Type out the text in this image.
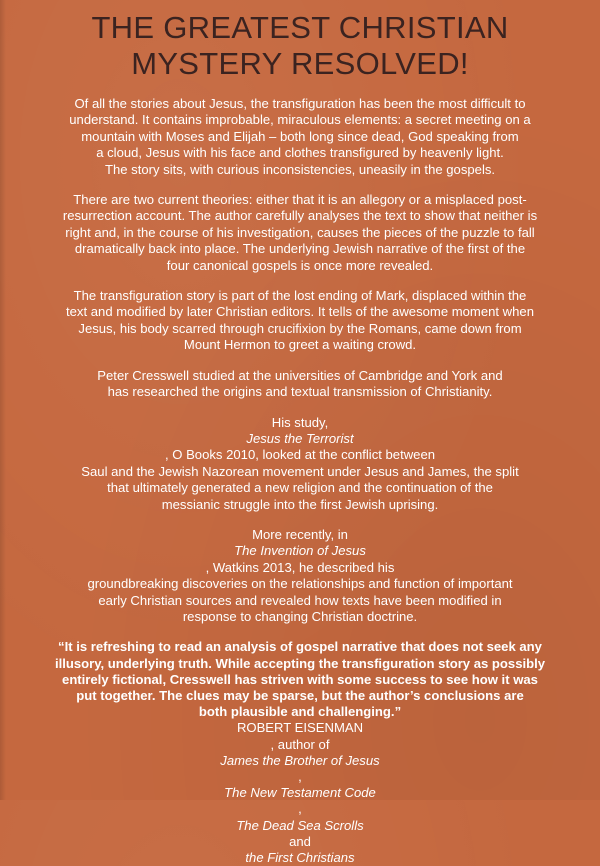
THE GREATEST CHRISTIAN
MYSTERY RESOLVED!

Of all the stories about Jesus, the transfiguration has been the most difficult to
understand. It contains improbable, miraculous elements: a secret meeting on a
mountain with Moses and Elijah – both long since dead, God speaking from
a cloud, Jesus with his face and clothes transfigured by heavenly light.
The story sits, with curious inconsistencies, uneasily in the gospels.

There are two current theories: either that it is an allegory or a misplaced post-
resurrection account. The author carefully analyses the text to show that neither is
right and, in the course of his investigation, causes the pieces of the puzzle to fall
dramatically back into place. The underlying Jewish narrative of the first of the
four canonical gospels is once more revealed.

The transfiguration story is part of the lost ending of Mark, displaced within the
text and modified by later Christian editors. It tells of the awesome moment when
Jesus, his body scarred through crucifixion by the Romans, came down from
Mount Hermon to greet a waiting crowd.

Peter Cresswell studied at the universities of Cambridge and York and
has researched the origins and textual transmission of Christianity.

His study,
Jesus the Terrorist
, O Books 2010, looked at the conflict between
Saul and the Jewish Nazorean movement under Jesus and James, the split
that ultimately generated a new religion and the continuation of the
messianic struggle into the first Jewish uprising.

More recently, in
The Invention of Jesus
, Watkins 2013, he described his
groundbreaking discoveries on the relationships and function of important
early Christian sources and revealed how texts have been modified in
response to changing Christian doctrine.

“It is refreshing to read an analysis of gospel narrative that does not seek any
illusory, underlying truth. While accepting the transfiguration story as possibly
entirely fictional, Cresswell has striven with some success to see how it was
put together. The clues may be sparse, but the author’s conclusions are
both plausible and challenging.”

ROBERT EISENMAN
, author of
James the Brother of Jesus
,
The New Testament Code
,
The Dead Sea Scrolls
and
the First Christians
